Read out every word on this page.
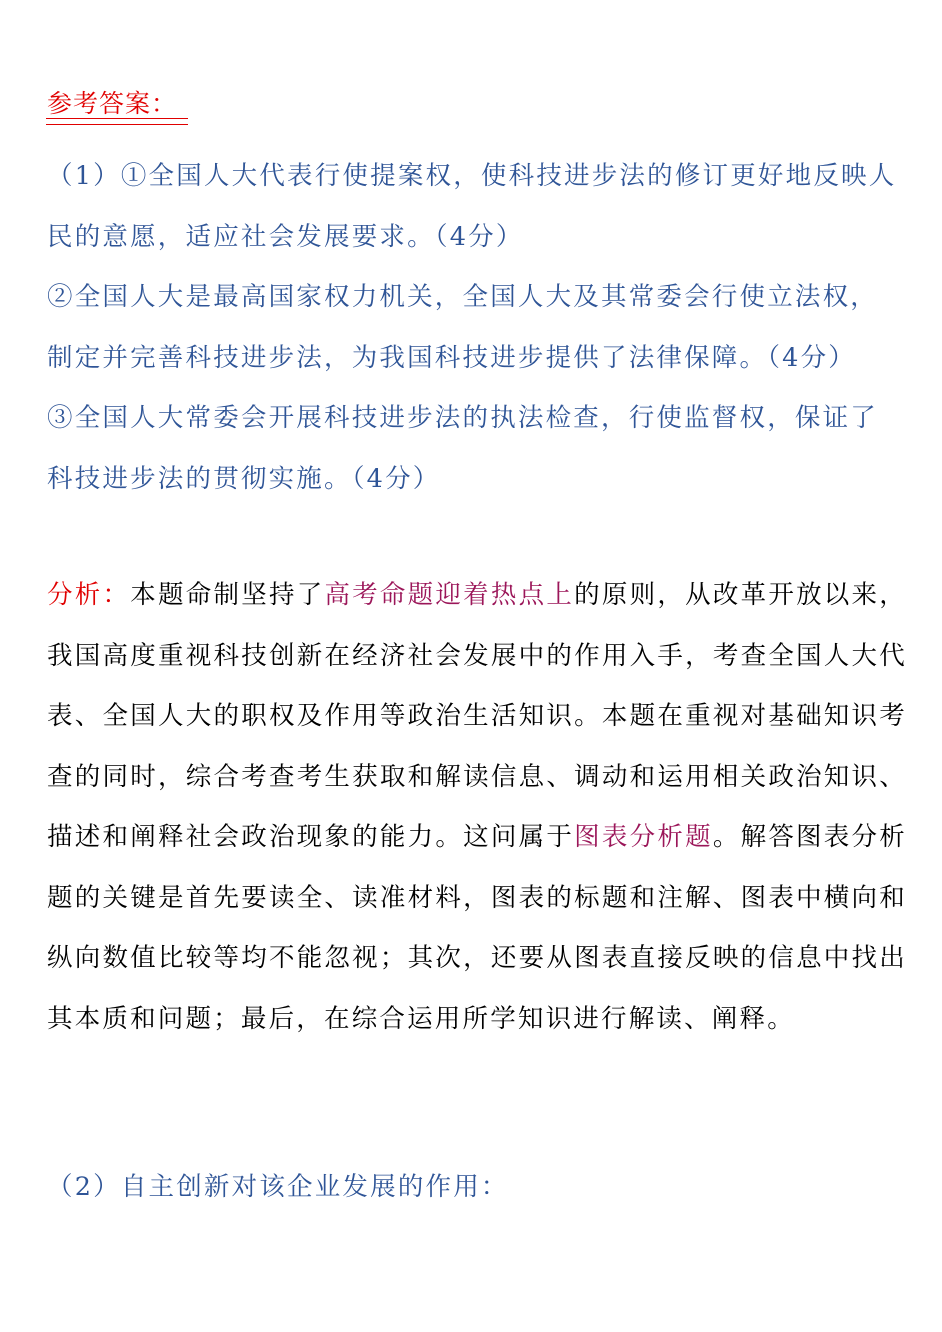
参考答案：

（1）①全国人大代表行使提案权，使科技进步法的修订更好地反映人民的意愿，适应社会发展要求。（4分）

②全国人大是最高国家权力机关，全国人大及其常委会行使立法权，制定并完善科技进步法，为我国科技进步提供了法律保障。（4分）

③全国人大常委会开展科技进步法的执法检查，行使监督权，保证了科技进步法的贯彻实施。（4分）

分析：本题命制坚持了高考命题迎着热点上的原则，从改革开放以来，我国高度重视科技创新在经济社会发展中的作用入手，考查全国人大代表、全国人大的职权及作用等政治生活知识。本题在重视对基础知识考查的同时，综合考查考生获取和解读信息、调动和运用相关政治知识、描述和阐释社会政治现象的能力。这问属于图表分析题。解答图表分析题的关键是首先要读全、读准材料，图表的标题和注解、图表中横向和纵向数值比较等均不能忽视；其次，还要从图表直接反映的信息中找出其本质和问题；最后，在综合运用所学知识进行解读、阐释。
（2）自主创新对该企业发展的作用：
